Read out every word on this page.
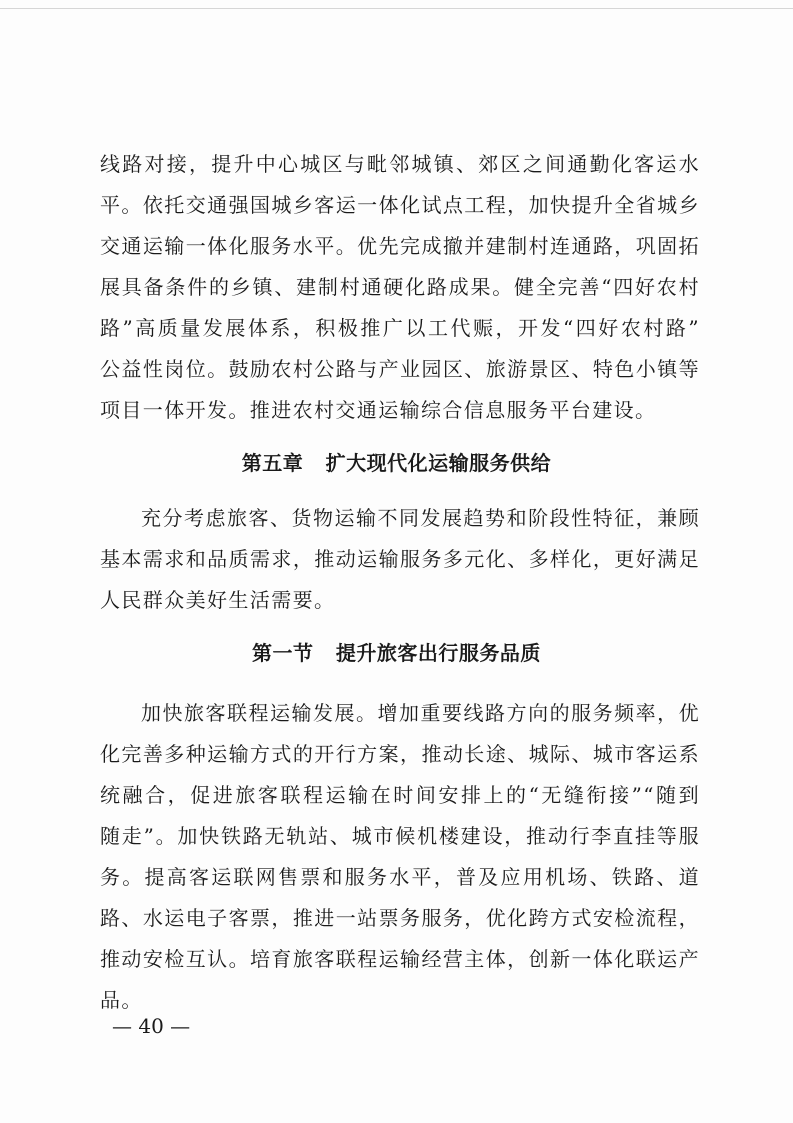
线路对接，提升中心城区与毗邻城镇、郊区之间通勤化客运水
平。依托交通强国城乡客运一体化试点工程，加快提升全省城乡
交通运输一体化服务水平。优先完成撤并建制村连通路，巩固拓
展具备条件的乡镇、建制村通硬化路成果。健全完善“四好农村
路”高质量发展体系，积极推广以工代赈，开发“四好农村路”
公益性岗位。鼓励农村公路与产业园区、旅游景区、特色小镇等
项目一体开发。推进农村交通运输综合信息服务平台建设。
第五章   扩大现代化运输服务供给
充分考虑旅客、货物运输不同发展趋势和阶段性特征，兼顾
基本需求和品质需求，推动运输服务多元化、多样化，更好满足
人民群众美好生活需要。
第一节   提升旅客出行服务品质
加快旅客联程运输发展。增加重要线路方向的服务频率，优
化完善多种运输方式的开行方案，推动长途、城际、城市客运系
统融合，促进旅客联程运输在时间安排上的“无缝衔接”“随到
随走”。加快铁路无轨站、城市候机楼建设，推动行李直挂等服
务。提高客运联网售票和服务水平，普及应用机场、铁路、道
路、水运电子客票，推进一站票务服务，优化跨方式安检流程，
推动安检互认。培育旅客联程运输经营主体，创新一体化联运产
品。
— 40 —
